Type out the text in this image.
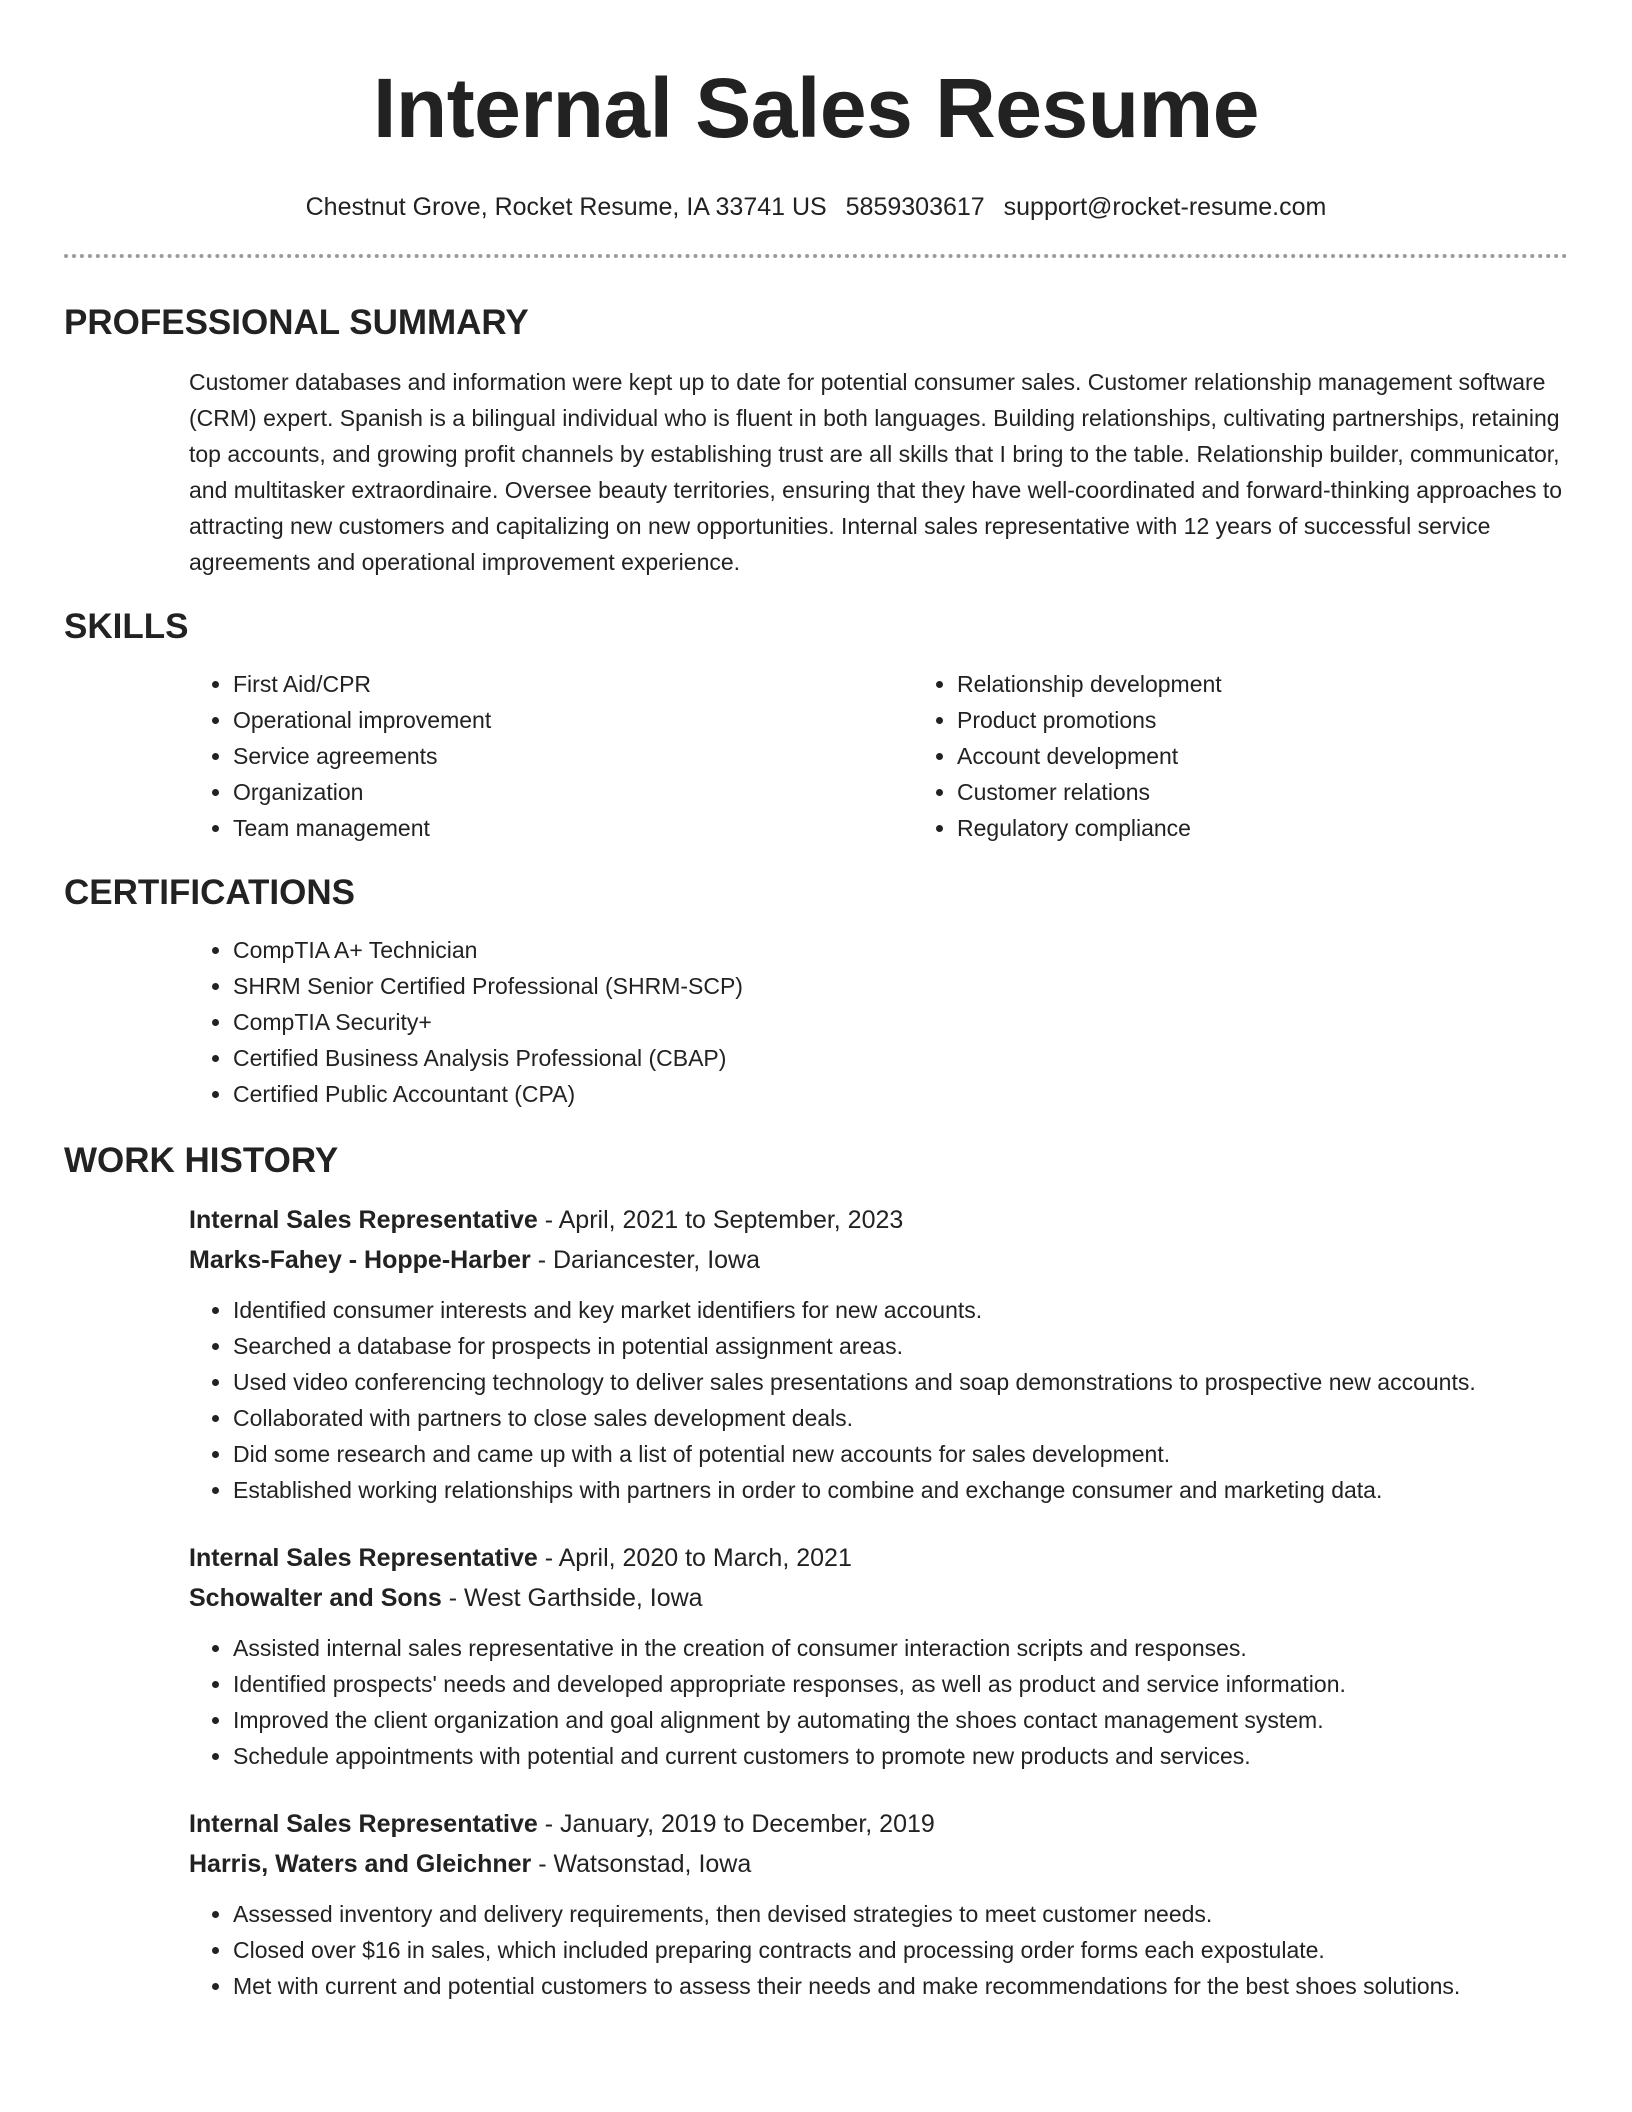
Internal Sales Resume
Chestnut Grove, Rocket Resume, IA 33741 US 5859303617 support@rocket-resume.com
PROFESSIONAL SUMMARY

Customer databases and information were kept up to date for potential consumer sales. Customer relationship management software (CRM) expert. Spanish is a bilingual individual who is fluent in both languages. Building relationships, cultivating partnerships, retaining top accounts, and growing profit channels by establishing trust are all skills that I bring to the table. Relationship builder, communicator, and multitasker extraordinaire. Oversee beauty territories, ensuring that they have well-coordinated and forward-thinking approaches to attracting new customers and capitalizing on new opportunities. Internal sales representative with 12 years of successful service agreements and operational improvement experience.

SKILLS
• First Aid/CPR
• Operational improvement
• Service agreements
• Organization
• Team management
• Relationship development
• Product promotions
• Account development
• Customer relations
• Regulatory compliance
CERTIFICATIONS
• CompTIA A+ Technician
• SHRM Senior Certified Professional (SHRM-SCP)
• CompTIA Security+
• Certified Business Analysis Professional (CBAP)
• Certified Public Accountant (CPA)
WORK HISTORY
Internal Sales Representative - April, 2021 to September, 2023
Marks-Fahey - Hoppe-Harber - Dariancester, Iowa
• Identified consumer interests and key market identifiers for new accounts.
• Searched a database for prospects in potential assignment areas.
• Used video conferencing technology to deliver sales presentations and soap demonstrations to prospective new accounts.
• Collaborated with partners to close sales development deals.
• Did some research and came up with a list of potential new accounts for sales development.
• Established working relationships with partners in order to combine and exchange consumer and marketing data.
Internal Sales Representative - April, 2020 to March, 2021
Schowalter and Sons - West Garthside, Iowa
• Assisted internal sales representative in the creation of consumer interaction scripts and responses.
• Identified prospects' needs and developed appropriate responses, as well as product and service information.
• Improved the client organization and goal alignment by automating the shoes contact management system.
• Schedule appointments with potential and current customers to promote new products and services.
Internal Sales Representative - January, 2019 to December, 2019
Harris, Waters and Gleichner - Watsonstad, Iowa
• Assessed inventory and delivery requirements, then devised strategies to meet customer needs.
• Closed over $16 in sales, which included preparing contracts and processing order forms each expostulate.
• Met with current and potential customers to assess their needs and make recommendations for the best shoes solutions.
